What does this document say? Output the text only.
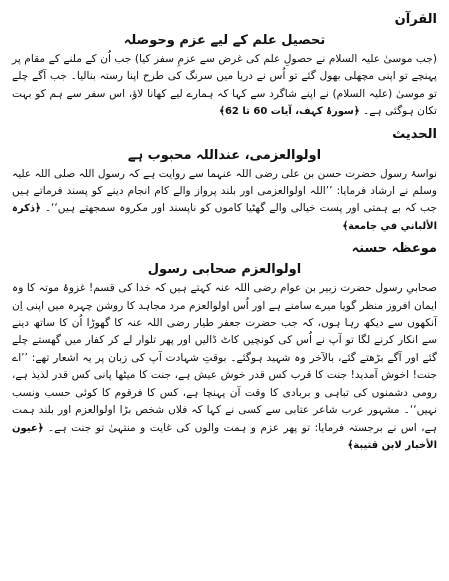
القرآن
تحصیل علم کے لیے عزم وحوصلہ

(جب موسیٰ علیہ السلام نے حصولِ علم کی غرض سے عزمِ سفر کیا) جب اُن کے ملنے کے مقام پر پہنچے تو اپنی مچھلی بھول گئے تو اُس نے دریا میں سرنگ کی طرح اپنا رستہ بنالیا۔ جب آگے چلے تو موسیٰ (علیہ السلام) نے اپنے شاگرد سے کہا کہ ہمارے لیے کھانا لاؤ، اس سفر سے ہم کو بہت تکان ہوگئی ہے۔ ﴿سورۂ کہف، آیات 60 تا 62﴾

الحدیث
اولوالعزمی، عنداللہ محبوب ہے

نواسۂ رسول حضرت حسن بن علی رضی اللہ عنہما سے روایت ہے کہ رسول اللہ صلی اللہ علیہ وسلم نے ارشاد فرمایا: ’’اللہ اولوالعزمی اور بلند پرواز والے کام انجام دینے کو پسند فرماتے ہیں جب کہ بے ہمتی اور پست خیالی والے گھٹیا کاموں کو ناپسند اور مکروہ سمجھتے ہیں‘‘۔ ﴿ذکرہ الألباني في جامعة﴾

موعظہ حسنہ
اولوالعزم صحابی رسول

صحابیِ رسول حضرت زبیر بن عوام رضی اللہ عنہ کہتے ہیں کہ خدا کی قسم! غزوۂ موتہ کا وہ ایمان افروز منظر گویا میرے سامنے ہے اور اُس اولوالعزم مرد مجاہد کا روشن چہرہ میں اپنی اِن آنکھوں سے دیکھ رہا ہوں، کہ جب حضرت جعفر طیار رضی اللہ عنہ کا گھوڑا اُن کا ساتھ دینے سے انکار کرنے لگا تو آپ نے اُس کی کونچیں کاٹ ڈالیں اور پھر تلوار لے کر کفار میں گھستے چلے گئے اور آگے بڑھتے گئے، بالآخر وہ شہید ہوگئے۔ بوقتِ شہادت آپ کی زبان پر یہ اشعار تھے: ’’اے جنت! اخوش آمدید! جنت کا قرب کس قدر خوش عیش ہے، جنت کا میٹھا پانی کس قدر لذیذ ہے، رومی دشمنوں کی تباہی و بربادی کا وقت آن پہنچا ہے، کس کا فرقوم کا کوئی حسب ونسب نہیں‘‘۔ مشہور عرب شاعر عتابی سے کسی نے کہا کہ فلاں شخص بڑا اولوالعزم اور بلند ہمت ہے، اس نے برجستہ فرمایا: تو پھر عزم و ہمت والوں کی غایت و منتہیٰ تو جنت ہے۔ ﴿عیون الأخبار لابن قتیبة﴾
